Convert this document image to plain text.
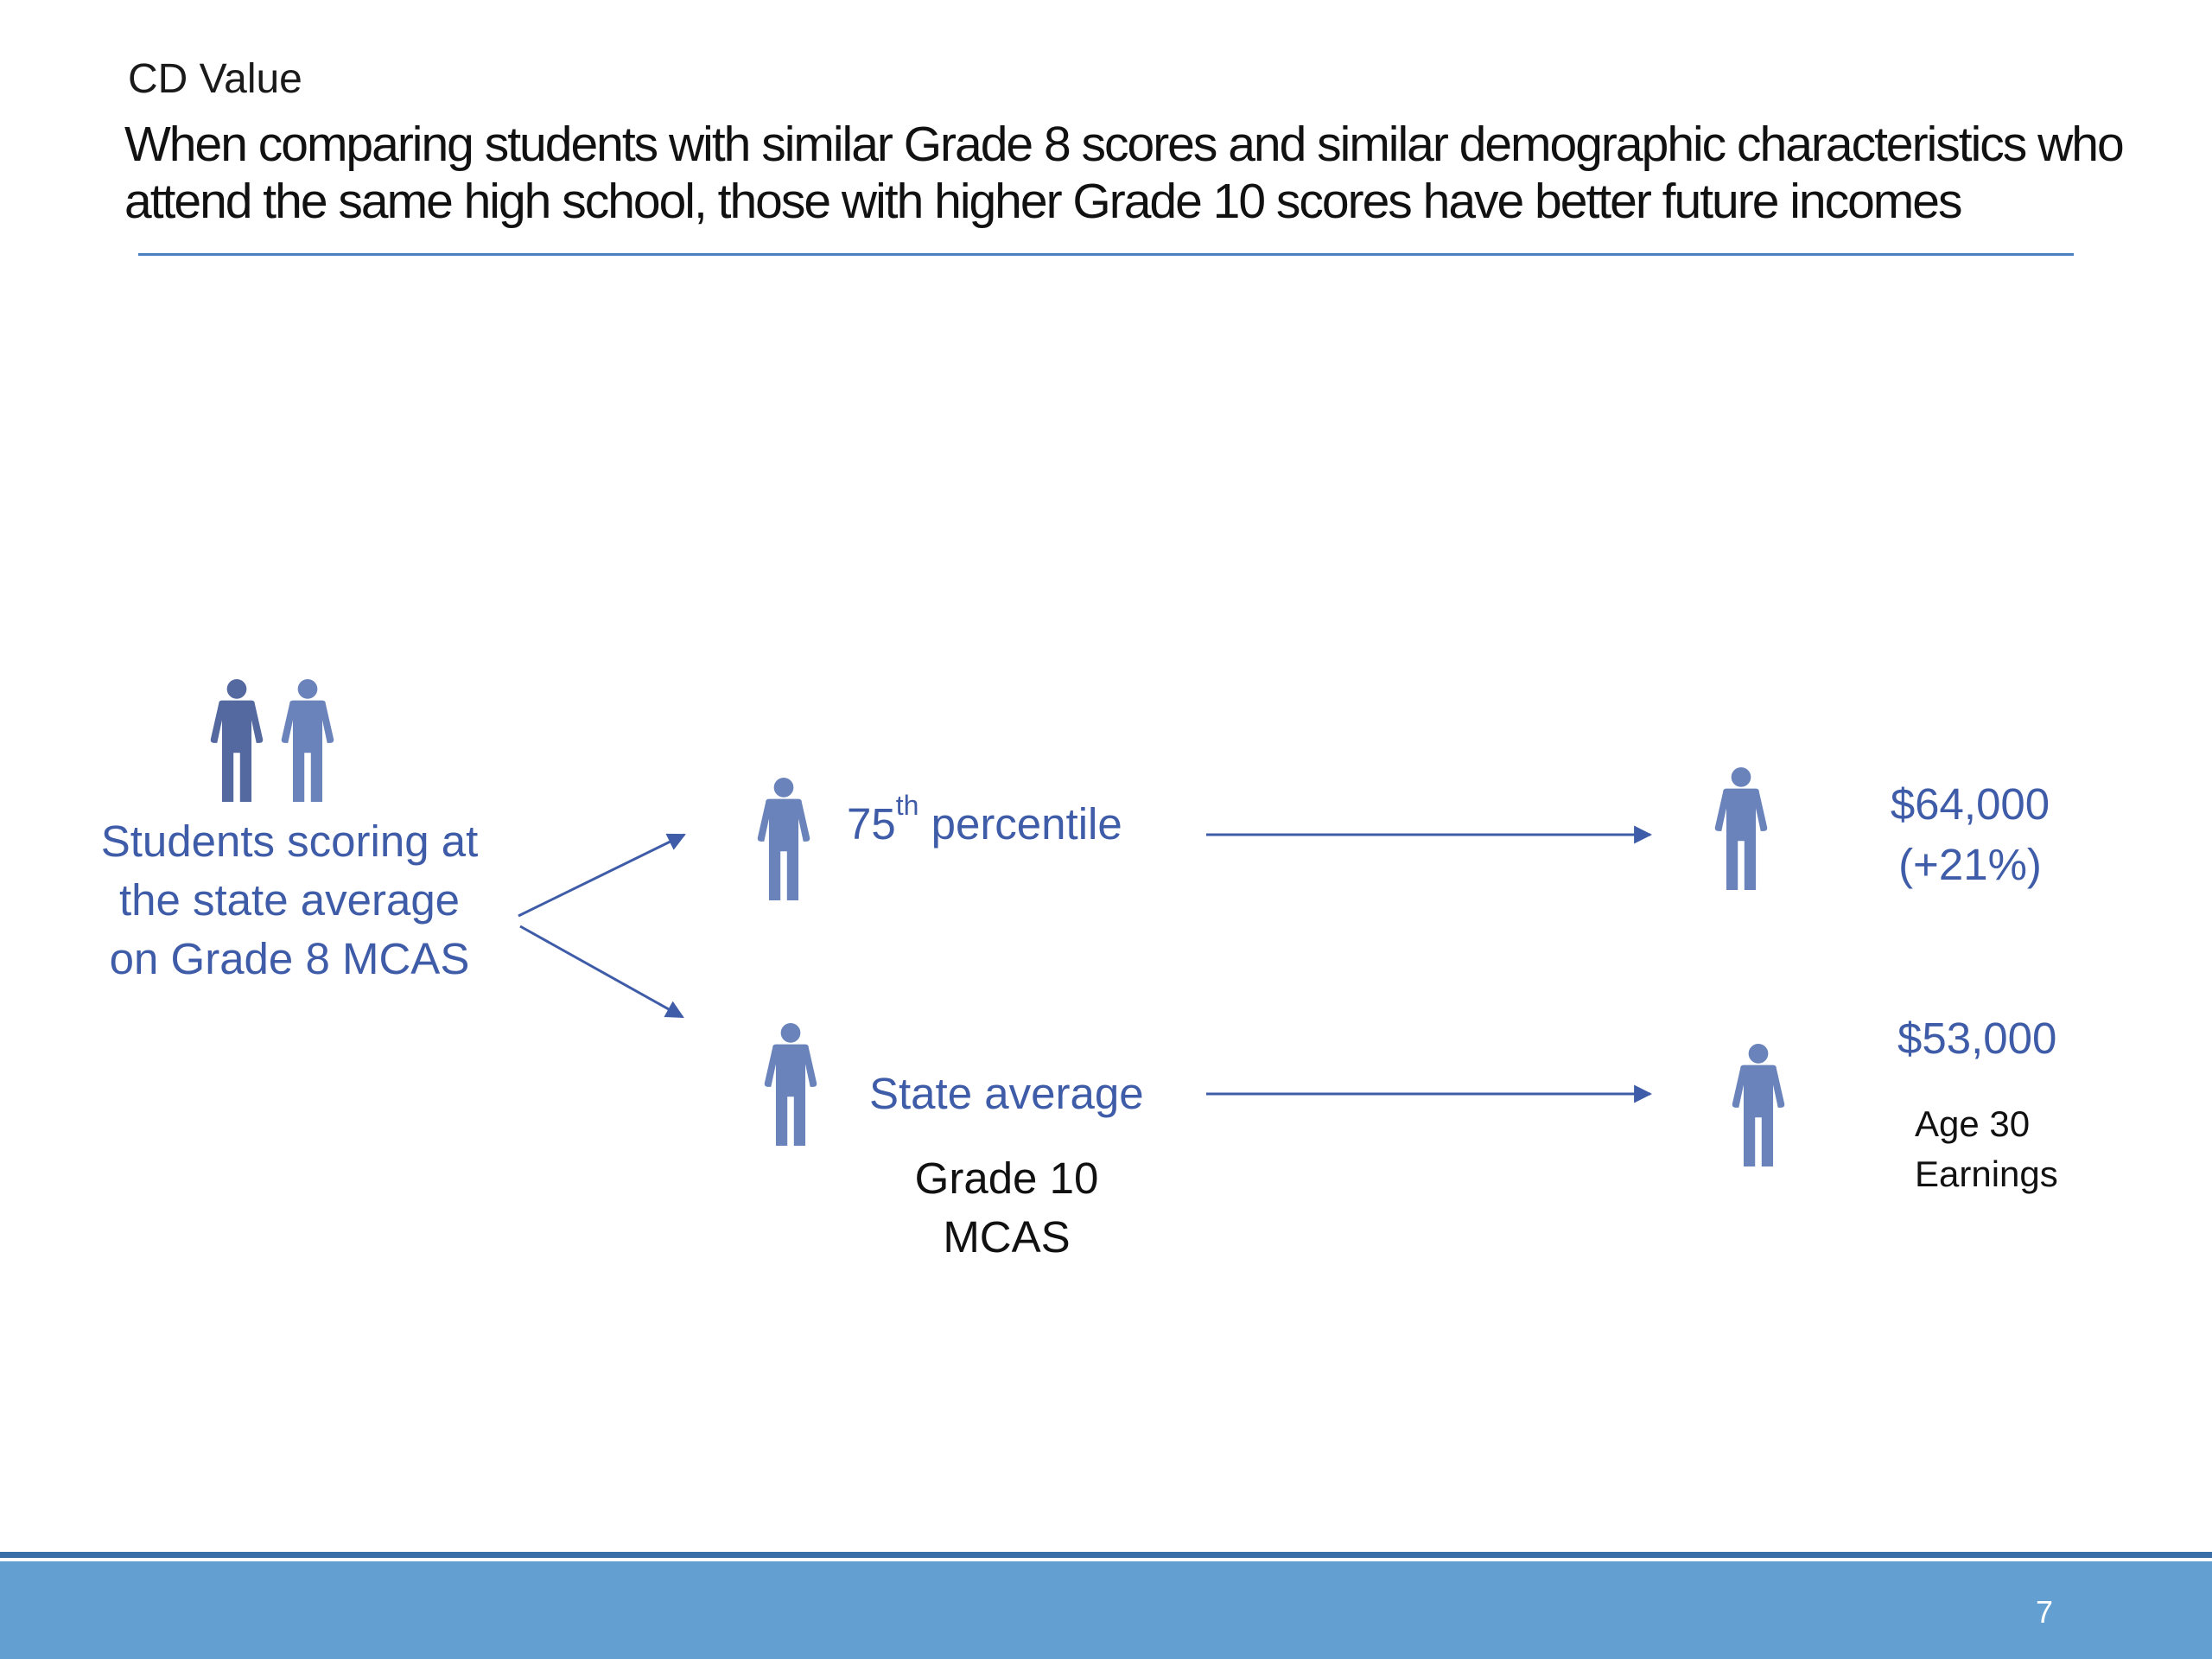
CD Value
When comparing students with similar Grade 8 scores and similar demographic characteristics who attend the same high school, those with higher Grade 10 scores have better future incomes
Students scoring at
the state average
on Grade 8 MCAS
75th percentile
State average
Grade 10
MCAS
$64,000
(+21%)
$53,000
Age 30
Earnings
7
